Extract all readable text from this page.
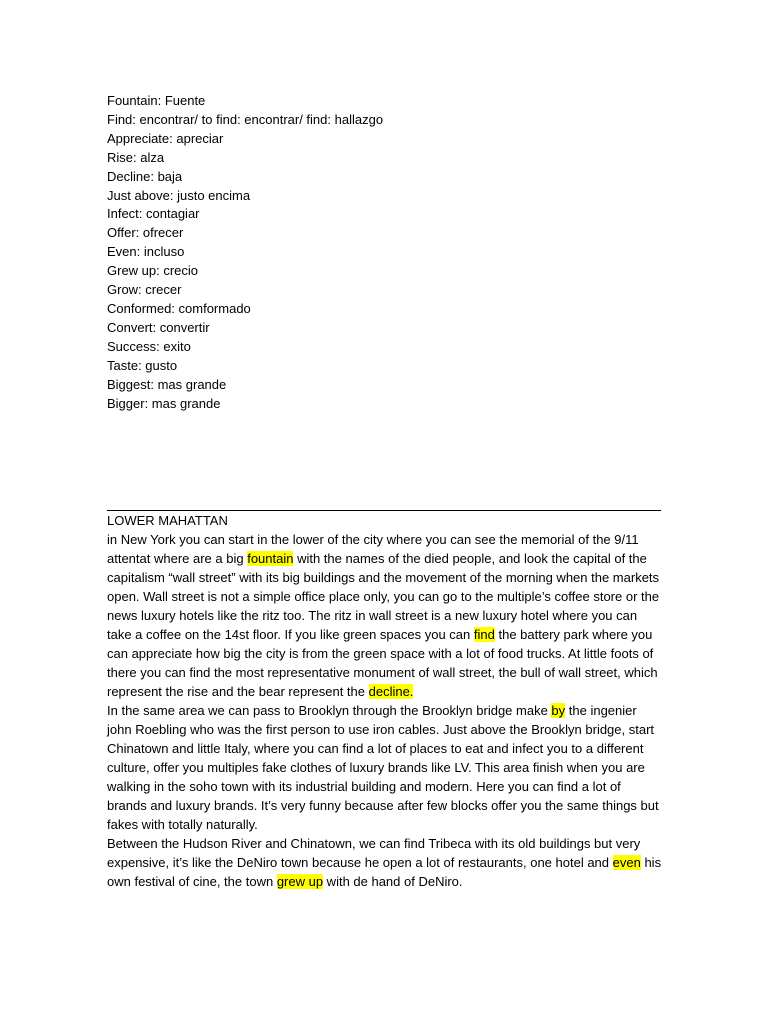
Fountain: Fuente
Find: encontrar/ to find: encontrar/ find: hallazgo
Appreciate: apreciar
Rise: alza
Decline: baja
Just above: justo encima
Infect: contagiar
Offer: ofrecer
Even: incluso
Grew up: crecio
Grow: crecer
Conformed: comformado
Convert: convertir
Success: exito
Taste: gusto
Biggest: mas grande
Bigger: mas grande
LOWER MAHATTAN

in New York you can start in the lower of the city where you can see the memorial of the 9/11 attentat where are a big fountain with the names of the died people, and look the capital of the capitalism “wall street” with its big buildings and the movement of the morning when the markets open. Wall street is not a simple office place only, you can go to the multiple’s coffee store or the news luxury hotels like the ritz too. The ritz in wall street is a new luxury hotel where you can take a coffee on the 14st floor. If you like green spaces you can find the battery park where you can appreciate how big the city is from the green space with a lot of food trucks. At little foots of there you can find the most representative monument of wall street, the bull of wall street, which represent the rise and the bear represent the decline.

In the same area we can pass to Brooklyn through the Brooklyn bridge make by the ingenier john Roebling who was the first person to use iron cables. Just above the Brooklyn bridge, start Chinatown and little Italy, where you can find a lot of places to eat and infect you to a different culture, offer you multiples fake clothes of luxury brands like LV. This area finish when you are walking in the soho town with its industrial building and modern. Here you can find a lot of brands and luxury brands. It’s very funny because after few blocks offer you the same things but fakes with totally naturally.

Between the Hudson River and Chinatown, we can find Tribeca with its old buildings but very expensive, it’s like the DeNiro town because he open a lot of restaurants, one hotel and even his own festival of cine, the town grew up with de hand of DeNiro.
